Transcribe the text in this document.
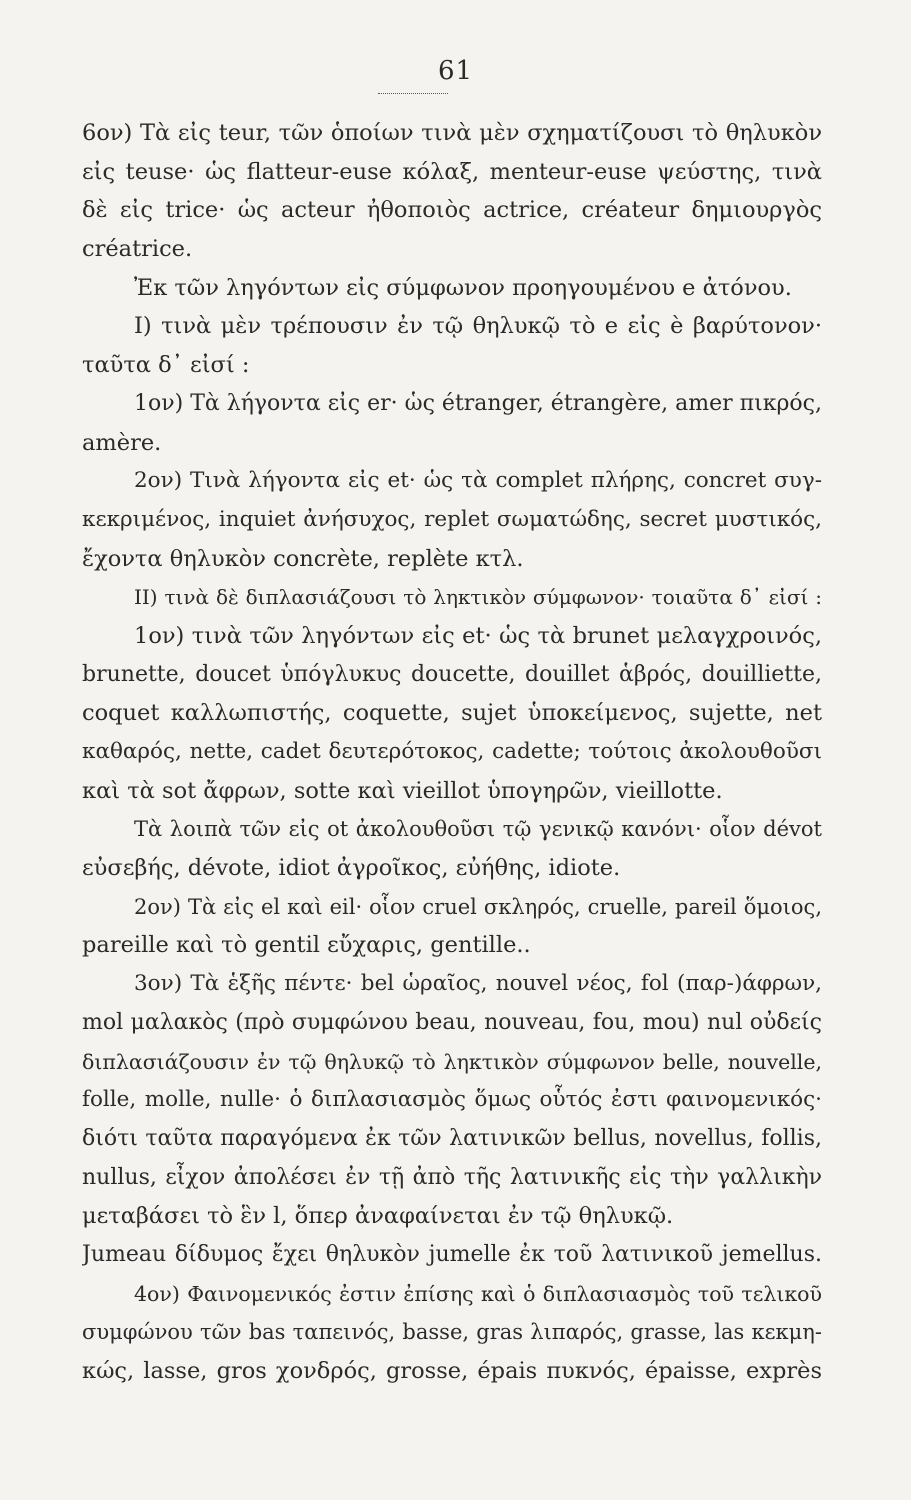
61
6ον) Τὰ εἰς teur, τῶν ὁποίων τινὰ μὲν σχηματίζουσι τὸ θηλυκὸν
εἰς teuse· ὡς flatteur-euse κόλαξ, menteur-euse ψεύστης, τινὰ
δὲ εἰς trice· ὡς acteur ἠθοποιὸς actrice, créateur δημιουργὸς
créatrice.
Ἐκ τῶν ληγόντων εἰς σύμφωνον προηγουμένου e ἀτόνου.
I) τινὰ μὲν τρέπουσιν ἐν τῷ θηλυκῷ τὸ e εἰς è βαρύτονον·
ταῦτα δ᾽ εἰσί :
1ον) Τὰ λήγοντα εἰς er· ὡς étranger, étrangère, amer πικρός,
amère.
2ον) Τινὰ λήγοντα εἰς et· ὡς τὰ complet πλήρης, concret συγ-
κεκριμένος, inquiet ἀνήσυχος, replet σωματώδης, secret μυστικός,
ἔχοντα θηλυκὸν concrète, replète κτλ.
II) τινὰ δὲ διπλασιάζουσι τὸ ληκτικὸν σύμφωνον· τοιαῦτα δ᾽ εἰσί :
1ον) τινὰ τῶν ληγόντων εἰς et· ὡς τὰ brunet μελαγχροινός,
brunette, doucet ὑπόγλυκυς doucette, douillet ἁβρός, douilliette,
coquet καλλωπιστής, coquette, sujet ὑποκείμενος, sujette, net
καθαρός, nette, cadet δευτερότοκος, cadette; τούτοις ἀκολουθοῦσι
καὶ τὰ sot ἄφρων, sotte καὶ vieillot ὑπογηρῶν, vieillotte.
Τὰ λοιπὰ τῶν εἰς ot ἀκολουθοῦσι τῷ γενικῷ κανόνι· οἷον dévot
εὐσεβής, dévote, idiot ἀγροῖκος, εὐήθης, idiote.
2ον) Τὰ εἰς el καὶ eil· οἷον cruel σκληρός, cruelle, pareil ὅμοιος,
pareille καὶ τὸ gentil εὔχαρις, gentille..
3ον) Τὰ ἑξῆς πέντε· bel ὡραῖος, nouvel νέος, fol (παρ-)άφρων,
mol μαλακὸς (πρὸ συμφώνου beau, nouveau, fou, mou) nul οὐδείς
διπλασιάζουσιν ἐν τῷ θηλυκῷ τὸ ληκτικὸν σύμφωνον belle, nouvelle,
folle, molle, nulle· ὁ διπλασιασμὸς ὅμως οὗτός ἐστι φαινομενικός·
διότι ταῦτα παραγόμενα ἐκ τῶν λατινικῶν bellus, novellus, follis,
nullus, εἶχον ἀπολέσει ἐν τῇ ἀπὸ τῆς λατινικῆς εἰς τὴν γαλλικὴν
μεταβάσει τὸ ἓν l, ὅπερ ἀναφαίνεται ἐν τῷ θηλυκῷ.
Jumeau δίδυμος ἔχει θηλυκὸν jumelle ἐκ τοῦ λατινικοῦ jemellus.
4ον) Φαινομενικός ἐστιν ἐπίσης καὶ ὁ διπλασιασμὸς τοῦ τελικοῦ
συμφώνου τῶν bas ταπεινός, basse, gras λιπαρός, grasse, las κεκμη-
κώς, lasse, gros χονδρός, grosse, épais πυκνός, épaisse, exprès
